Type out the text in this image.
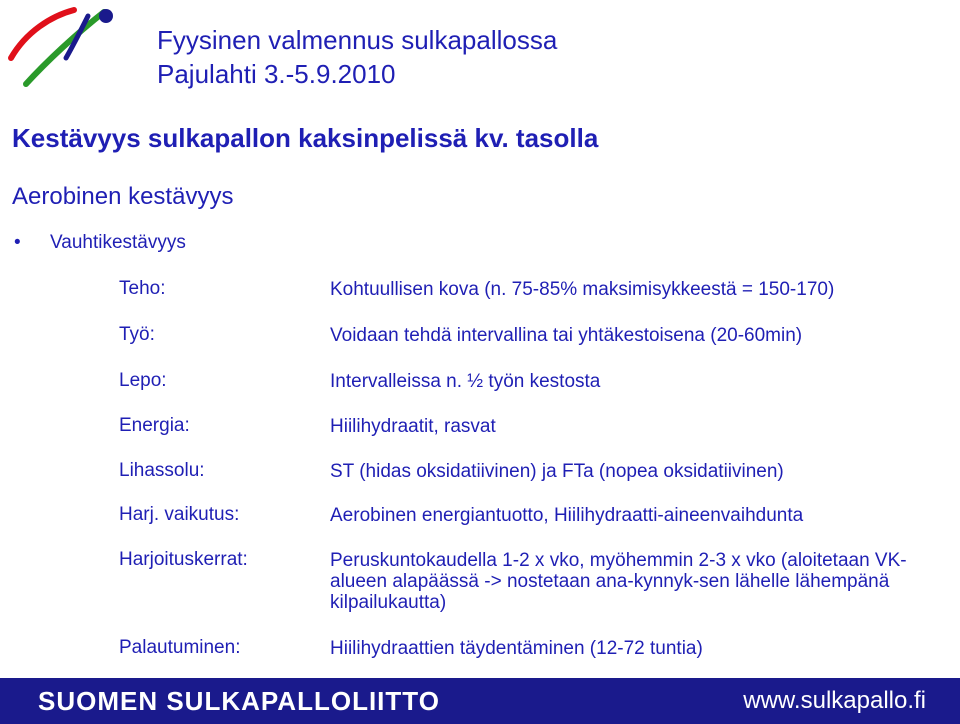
Fyysinen valmennus sulkapallossa
Pajulahti 3.-5.9.2010
Kestävyys sulkapallon kaksinpelissä kv. tasolla
Aerobinen kestävyys
• Vauhtikestävyys
Teho:	Kohtuullisen kova (n. 75-85% maksimisykkeestä = 150-170)
Työ:	Voidaan tehdä intervallina tai yhtäkestoisena (20-60min)
Lepo:	Intervalleissa n. ½ työn kestosta
Energia:	Hiilihydraatit, rasvat
Lihassolu:	ST (hidas oksidatiivinen) ja FTa (nopea oksidatiivinen)
Harj. vaikutus:	Aerobinen energiantuotto, Hiilihydraatti-aineenvaihdunta
Harjoituskerrat:	Peruskuntokaudella 1-2 x vko, myöhemmin 2-3 x vko (aloitetaan VK-alueen alapäässä -> nostetaan ana-kynnyk-sen lähelle lähempänä kilpailukautta)
Palautuminen:	Hiilihydraattien täydentäminen (12-72 tuntia)
SUOMEN SULKAPALLOLIITTO	www.sulkapallo.fi
